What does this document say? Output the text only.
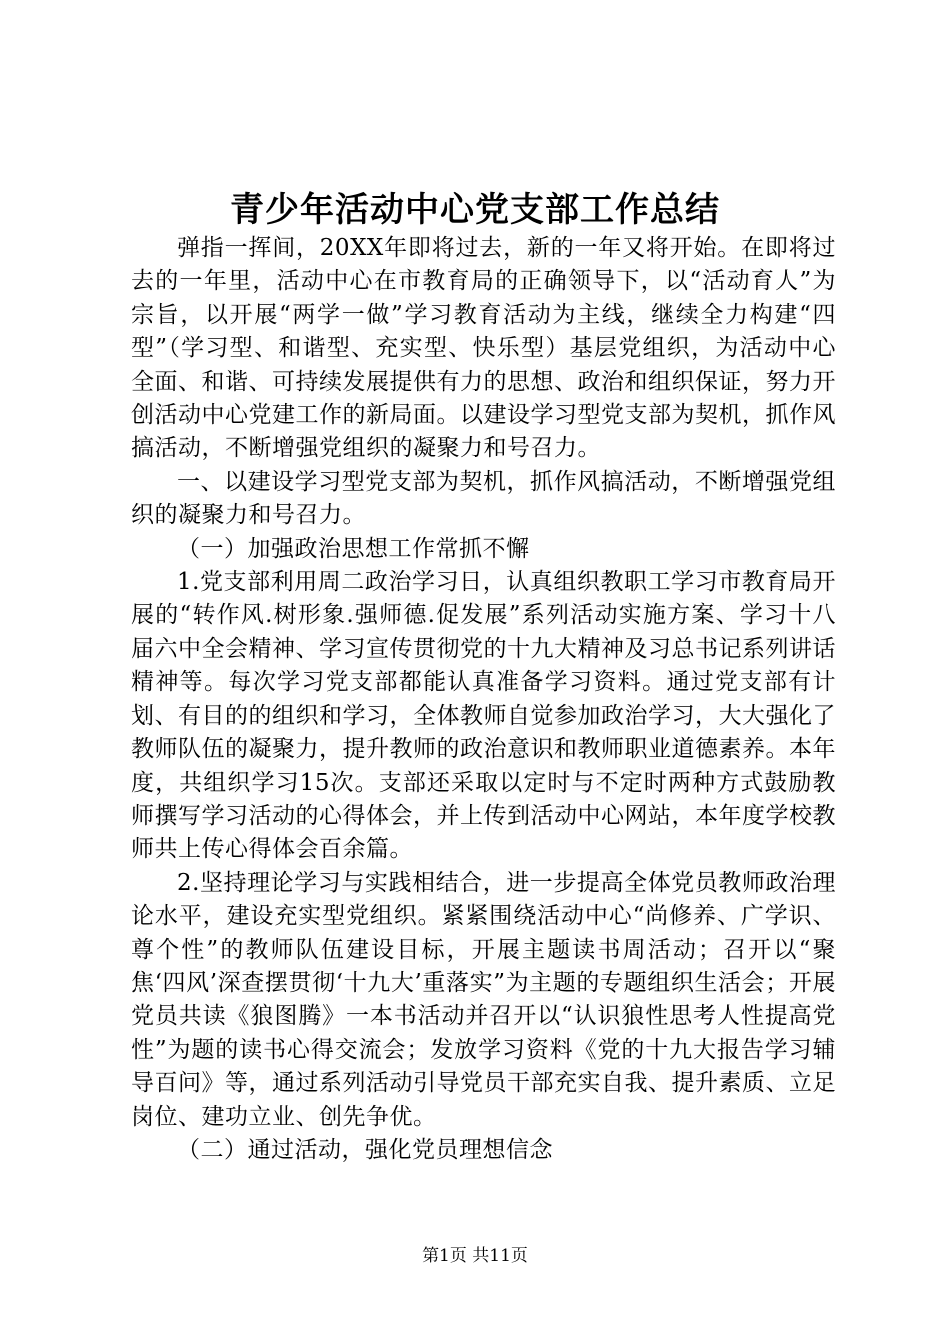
青少年活动中心党支部工作总结

弹指一挥间，20XX年即将过去，新的一年又将开始。在即将过去的一年里，活动中心在市教育局的正确领导下，以“活动育人”为宗旨，以开展“两学一做”学习教育活动为主线，继续全力构建“四型”（学习型、和谐型、充实型、快乐型）基层党组织，为活动中心全面、和谐、可持续发展提供有力的思想、政治和组织保证，努力开创活动中心党建工作的新局面。以建设学习型党支部为契机，抓作风搞活动，不断增强党组织的凝聚力和号召力。

一、以建设学习型党支部为契机，抓作风搞活动，不断增强党组织的凝聚力和号召力。

（一）加强政治思想工作常抓不懈

1.党支部利用周二政治学习日，认真组织教职工学习市教育局开展的“转作风.树形象.强师德.促发展”系列活动实施方案、学习十八届六中全会精神、学习宣传贯彻党的十九大精神及习总书记系列讲话精神等。每次学习党支部都能认真准备学习资料。通过党支部有计划、有目的的组织和学习，全体教师自觉参加政治学习，大大强化了教师队伍的凝聚力，提升教师的政治意识和教师职业道德素养。本年度，共组织学习15次。支部还采取以定时与不定时两种方式鼓励教师撰写学习活动的心得体会，并上传到活动中心网站，本年度学校教师共上传心得体会百余篇。

2.坚持理论学习与实践相结合，进一步提高全体党员教师政治理论水平，建设充实型党组织。紧紧围绕活动中心“尚修养、广学识、尊个性”的教师队伍建设目标，开展主题读书周活动；召开以“聚焦‘四风’深查摆贯彻‘十九大’重落实”为主题的专题组织生活会；开展党员共读《狼图腾》一本书活动并召开以“认识狼性思考人性提高党性”为题的读书心得交流会；发放学习资料《党的十九大报告学习辅导百问》等，通过系列活动引导党员干部充实自我、提升素质、立足岗位、建功立业、创先争优。

（二）通过活动，强化党员理想信念

第1页 共11页
